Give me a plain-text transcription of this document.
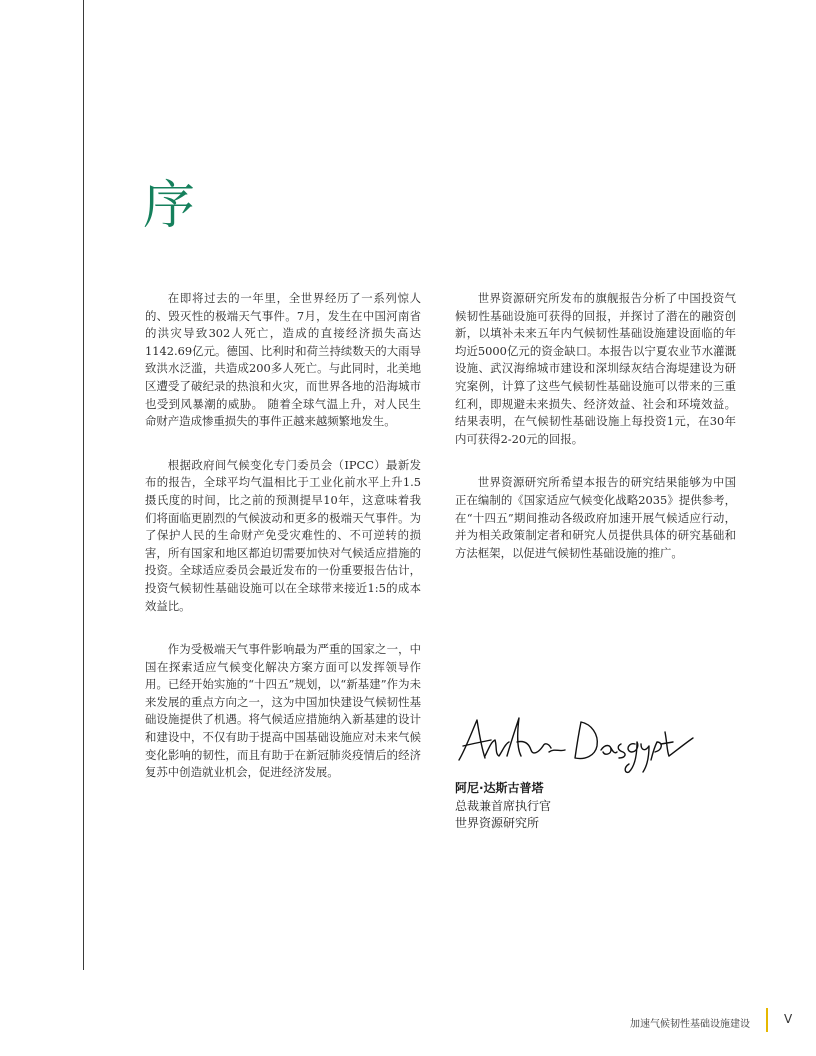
序

在即将过去的一年里，全世界经历了一系列惊人的、毁灭性的极端天气事件。7月，发生在中国河南省的洪灾导致302人死亡，造成的直接经济损失高达1142.69亿元。德国、比利时和荷兰持续数天的大雨导致洪水泛滥，共造成200多人死亡。与此同时，北美地区遭受了破纪录的热浪和火灾，而世界各地的沿海城市也受到风暴潮的威胁。 随着全球气温上升，对人民生命财产造成惨重损失的事件正越来越频繁地发生。

根据政府间气候变化专门委员会（IPCC）最新发布的报告，全球平均气温相比于工业化前水平上升1.5摄氏度的时间，比之前的预测提早10年，这意味着我们将面临更剧烈的气候波动和更多的极端天气事件。为了保护人民的生命财产免受灾难性的、不可逆转的损害，所有国家和地区都迫切需要加快对气候适应措施的投资。全球适应委员会最近发布的一份重要报告估计，投资气候韧性基础设施可以在全球带来接近1:5的成本效益比。

作为受极端天气事件影响最为严重的国家之一，中国在探索适应气候变化解决方案方面可以发挥领导作用。已经开始实施的“十四五”规划，以“新基建”作为未来发展的重点方向之一，这为中国加快建设气候韧性基础设施提供了机遇。将气候适应措施纳入新基建的设计和建设中，不仅有助于提高中国基础设施应对未来气候变化影响的韧性，而且有助于在新冠肺炎疫情后的经济复苏中创造就业机会，促进经济发展。

世界资源研究所发布的旗舰报告分析了中国投资气候韧性基础设施可获得的回报，并探讨了潜在的融资创新，以填补未来五年内气候韧性基础设施建设面临的年均近5000亿元的资金缺口。本报告以宁夏农业节水灌溉设施、武汉海绵城市建设和深圳绿灰结合海堤建设为研究案例，计算了这些气候韧性基础设施可以带来的三重红利，即规避未来损失、经济效益、社会和环境效益。结果表明，在气候韧性基础设施上每投资1元，在30年内可获得2-20元的回报。

世界资源研究所希望本报告的研究结果能够为中国正在编制的《国家适应气候变化战略2035》提供参考，在“十四五”期间推动各级政府加速开展气候适应行动，并为相关政策制定者和研究人员提供具体的研究基础和方法框架，以促进气候韧性基础设施的推广。

阿尼·达斯古普塔
总裁兼首席执行官
世界资源研究所
加速气候韧性基础设施建设	V
